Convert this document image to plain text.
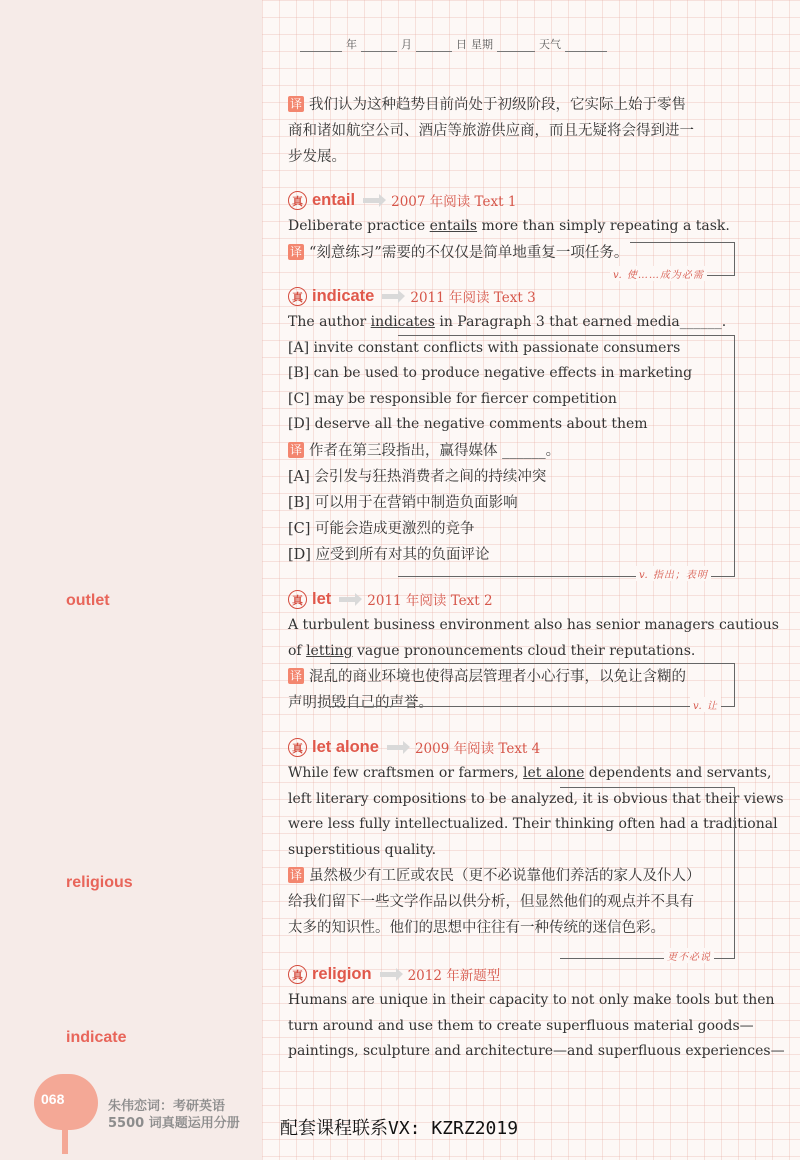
outlet
religious
indicate
年	月	日 星期	天气
译 我们认为这种趋势目前尚处于初级阶段，它实际上始于零售
商和诸如航空公司、酒店等旅游供应商，而且无疑将会得到进一
步发展。
真 entail	2007 年阅读 Text 1
Deliberate practice entails more than simply repeating a task.
译 “刻意练习”需要的不仅仅是简单地重复一项任务。
v. 使……成为必需
真 indicate	2011 年阅读 Text 3
The author indicates in Paragraph 3 that earned media______.
[A] invite constant conflicts with passionate consumers
[B] can be used to produce negative effects in marketing
[C] may be responsible for fiercer competition
[D] deserve all the negative comments about them
译 作者在第三段指出，赢得媒体 ______。
[A] 会引发与狂热消费者之间的持续冲突
[B] 可以用于在营销中制造负面影响
[C] 可能会造成更激烈的竞争
[D] 应受到所有对其的负面评论
v. 指出；表明
真 let	2011 年阅读 Text 2
A turbulent business environment also has senior managers cautious
of letting vague pronouncements cloud their reputations.
译 混乱的商业环境也使得高层管理者小心行事，以免让含糊的
声明损毁自己的声誉。	v. 让
真 let alone	2009 年阅读 Text 4
While few craftsmen or farmers, let alone dependents and servants,
left literary compositions to be analyzed, it is obvious that their views
were less fully intellectualized. Their thinking often had a traditional
superstitious quality.
译 虽然极少有工匠或农民（更不必说靠他们养活的家人及仆人）
给我们留下一些文学作品以供分析，但显然他们的观点并不具有
太多的知识性。他们的思想中往往有一种传统的迷信色彩。
更不必说
真 religion	2012 年新题型
Humans are unique in their capacity to not only make tools but then
turn around and use them to create superfluous material goods—
paintings, sculpture and architecture—and superfluous experiences—
068	朱伟恋词：考研英语
5500 词真题运用分册 配套课程联系VX: KZRZ2019
